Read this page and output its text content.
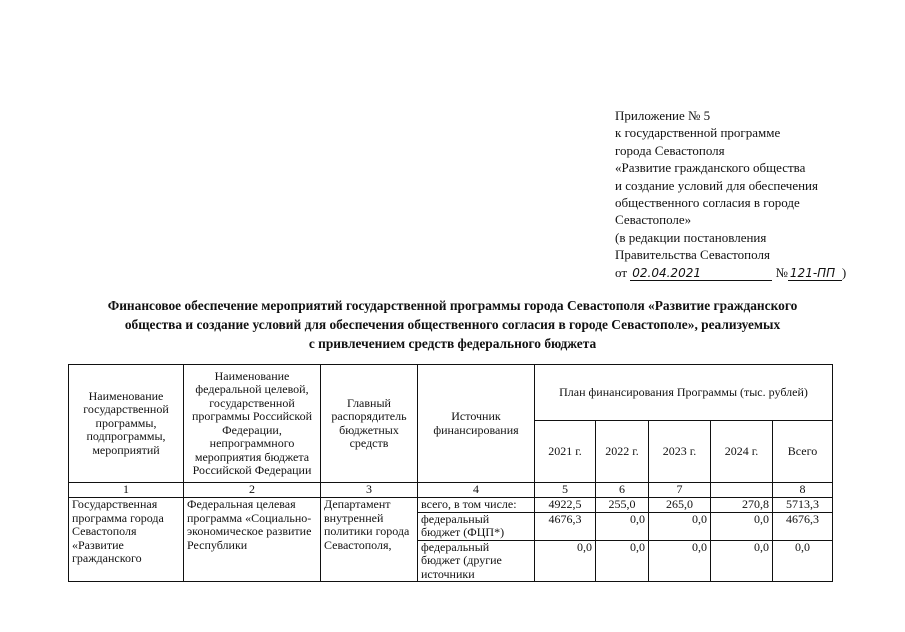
Приложение № 5
к государственной программе
города Севастополя
«Развитие гражданского общества
и создание условий для обеспечения
общественного согласия в городе
Севастополе»
(в редакции постановления
Правительства Севастополя
от 02.04.2021	№ 121-ПП )
Финансовое обеспечение мероприятий государственной программы города Севастополя «Развитие гражданского
общества и создание условий для обеспечения общественного согласия в городе Севастополе», реализуемых
с привлечением средств федерального бюджета
Наименование государственной программы, подпрограммы, мероприятий	Наименование федеральной целевой, государственной программы Российской Федерации, непрограммного мероприятия бюджета Российской Федерации	Главный распорядитель бюджетных средств	Источник финансирования	План финансирования Программы (тыс. рублей)				
				2021 г.	2022 г.	2023 г.	2024 г.	Всего
1	2	3	4	5	6	7		8
Государственная программа города Севастополя «Развитие гражданского	Федеральная целевая программа «Социально-экономическое развитие Республики	Департамент внутренней политики города Севастополя,	всего, в том числе:	4922,5	255,0	265,0	270,8	5713,3
			федеральный бюджет (ФЦП*)	4676,3	0,0	0,0	0,0	4676,3
			федеральный бюджет (другие источники	0,0	0,0	0,0	0,0	0,0
